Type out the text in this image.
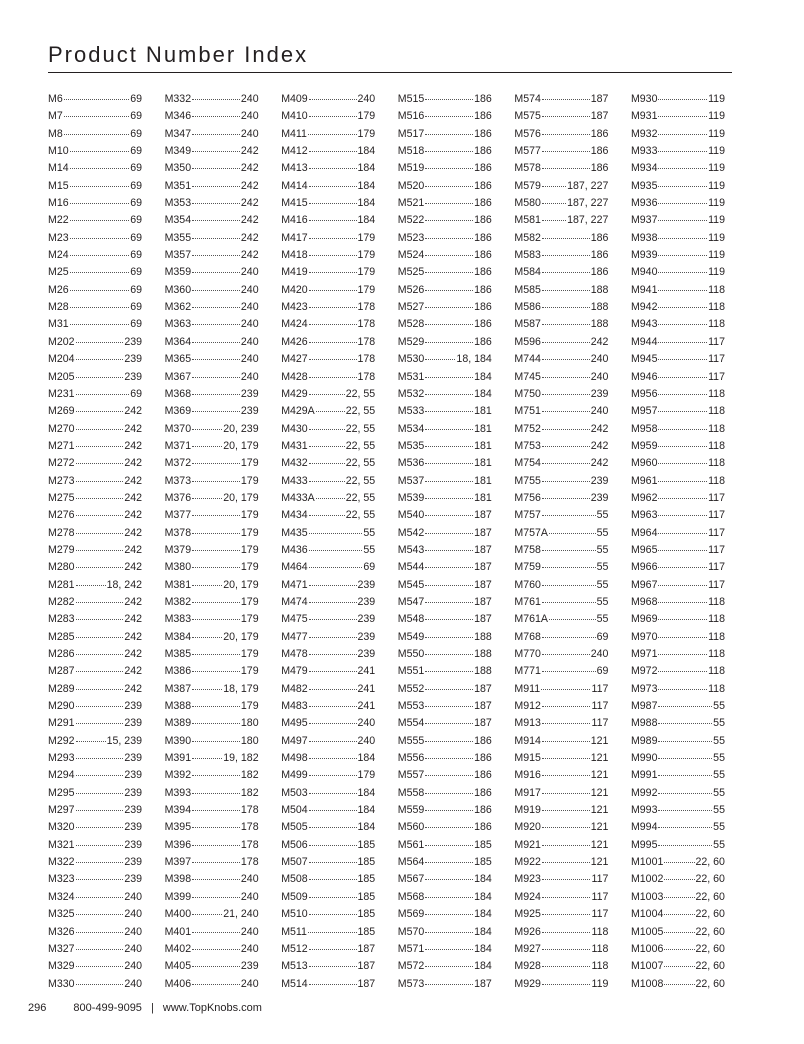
Product Number Index
M6	69
M7	69
M8	69
M10	69
M14	69
M15	69
M16	69
M22	69
M23	69
M24	69
M25	69
M26	69
M28	69
M31	69
M202	239
M204	239
M205	239
M231	69
M269	242
M270	242
M271	242
M272	242
M273	242
M275	242
M276	242
M278	242
M279	242
M280	242
M281	18, 242
M282	242
M283	242
M285	242
M286	242
M287	242
M289	242
M290	239
M291	239
M292	15, 239
M293	239
M294	239
M295	239
M297	239
M320	239
M321	239
M322	239
M323	239
M324	240
M325	240
M326	240
M327	240
M329	240
M330	240
M332	240
M346	240
M347	240
M349	242
M350	242
M351	242
M353	242
M354	242
M355	242
M357	242
M359	240
M360	240
M362	240
M363	240
M364	240
M365	240
M367	240
M368	239
M369	239
M370	20, 239
M371	20, 179
M372	179
M373	179
M376	20, 179
M377	179
M378	179
M379	179
M380	179
M381	20, 179
M382	179
M383	179
M384	20, 179
M385	179
M386	179
M387	18, 179
M388	179
M389	180
M390	180
M391	19, 182
M392	182
M393	182
M394	178
M395	178
M396	178
M397	178
M398	240
M399	240
M400	21, 240
M401	240
M402	240
M405	239
M406	240
M409	240
M410	179
M411	179
M412	184
M413	184
M414	184
M415	184
M416	184
M417	179
M418	179
M419	179
M420	179
M423	178
M424	178
M426	178
M427	178
M428	178
M429	22, 55
M429A	22, 55
M430	22, 55
M431	22, 55
M432	22, 55
M433	22, 55
M433A	22, 55
M434	22, 55
M435	55
M436	55
M464	69
M471	239
M474	239
M475	239
M477	239
M478	239
M479	241
M482	241
M483	241
M495	240
M497	240
M498	184
M499	179
M503	184
M504	184
M505	184
M506	185
M507	185
M508	185
M509	185
M510	185
M511	185
M512	187
M513	187
M514	187
M515	186
M516	186
M517	186
M518	186
M519	186
M520	186
M521	186
M522	186
M523	186
M524	186
M525	186
M526	186
M527	186
M528	186
M529	186
M530	18, 184
M531	184
M532	184
M533	181
M534	181
M535	181
M536	181
M537	181
M539	181
M540	187
M542	187
M543	187
M544	187
M545	187
M547	187
M548	187
M549	188
M550	188
M551	188
M552	187
M553	187
M554	187
M555	186
M556	186
M557	186
M558	186
M559	186
M560	186
M561	185
M564	185
M567	184
M568	184
M569	184
M570	184
M571	184
M572	184
M573	187
M574	187
M575	187
M576	186
M577	186
M578	186
M579 187, 227
M580 187, 227
M581 187, 227
M582	186
M583	186
M584	186
M585	188
M586	188
M587	188
M596	242
M744	240
M745	240
M750	239
M751	240
M752	242
M753	242
M754	242
M755	239
M756	239
M757	55
M757A	55
M758	55
M759	55
M760	55
M761	55
M761A	55
M768	69
M770	240
M771	69
M911	117
M912	117
M913	117
M914	121
M915	121
M916	121
M917	121
M919	121
M920	121
M921	121
M922	121
M923	117
M924	117
M925	117
M926	118
M927	118
M928	118
M929	119
M930	119
M931	119
M932	119
M933	119
M934	119
M935	119
M936	119
M937	119
M938	119
M939	119
M940	119
M941	118
M942	118
M943	118
M944	117
M945	117
M946	117
M956	118
M957	118
M958	118
M959	118
M960	118
M961	118
M962	117
M963	117
M964	117
M965	117
M966	117
M967	117
M968	118
M969	118
M970	118
M971	118
M972	118
M973	118
M987	55
M988	55
M989	55
M990	55
M991	55
M992	55
M993	55
M994	55
M995	55
M1001	22, 60
M1002	22, 60
M1003	22, 60
M1004	22, 60
M1005	22, 60
M1006	22, 60
M1007	22, 60
M1008	22, 60
296 800-499-9095 | www.TopKnobs.com
